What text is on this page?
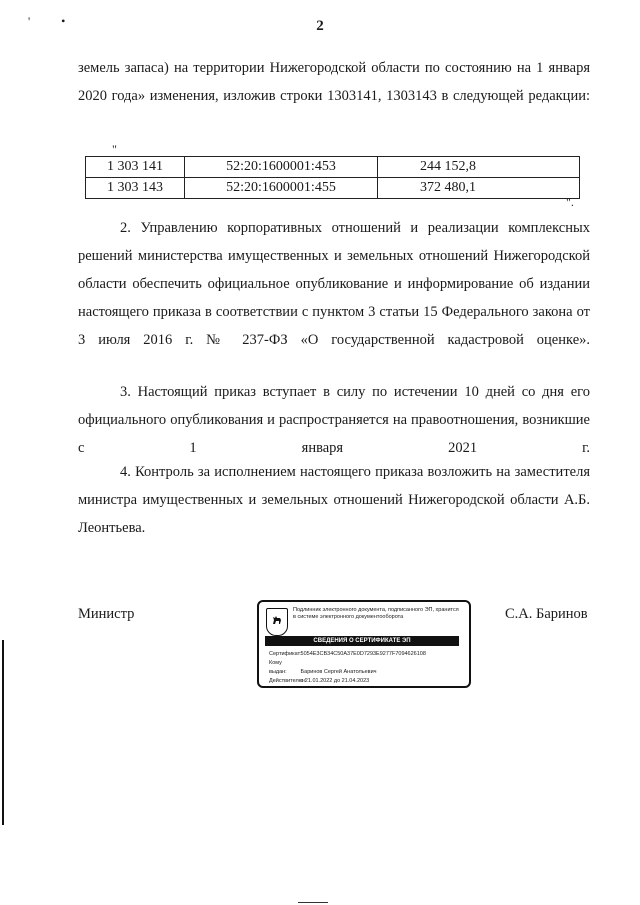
' •	2
земель запаса) на территории Нижегородской области по состоянию на 1 января 2020 года» изменения, изложив строки 1303141, 1303143 в следующей редакции:
"
1 303 141	52:20:1600001:453	244 152,8
1 303 143	52:20:1600001:455	372 480,1
".
2. Управлению корпоративных отношений и реализации комплексных решений министерства имущественных и земельных отношений Нижегородской области обеспечить официальное опубликование и информирование об издании настоящего приказа в соответствии с пунктом 3 статьи 15 Федерального закона от 3 июля 2016 г. № 237-ФЗ «О государственной кадастровой оценке».
3. Настоящий приказ вступает в силу по истечении 10 дней со дня его официального опубликования и распространяется на правоотношения, возникшие с 1 января 2021 г.
4. Контроль за исполнением настоящего приказа возложить на заместителя министра имущественных и земельных отношений Нижегородской области А.Б. Леонтьева.
Министр	Подлинник электронного документа, подписанного ЭП, хранится в системе электронного документооборота
СВЕДЕНИЯ О СЕРТИФИКАТЕ ЭП
Сертификат: 5054E3CB34C50A37E0D7293E9277F7094626108
Кому выдан:	Баринов Сергей Анатольевич
Действителен: с 21.01.2022 до 21.04.2023
С.А. Баринов
